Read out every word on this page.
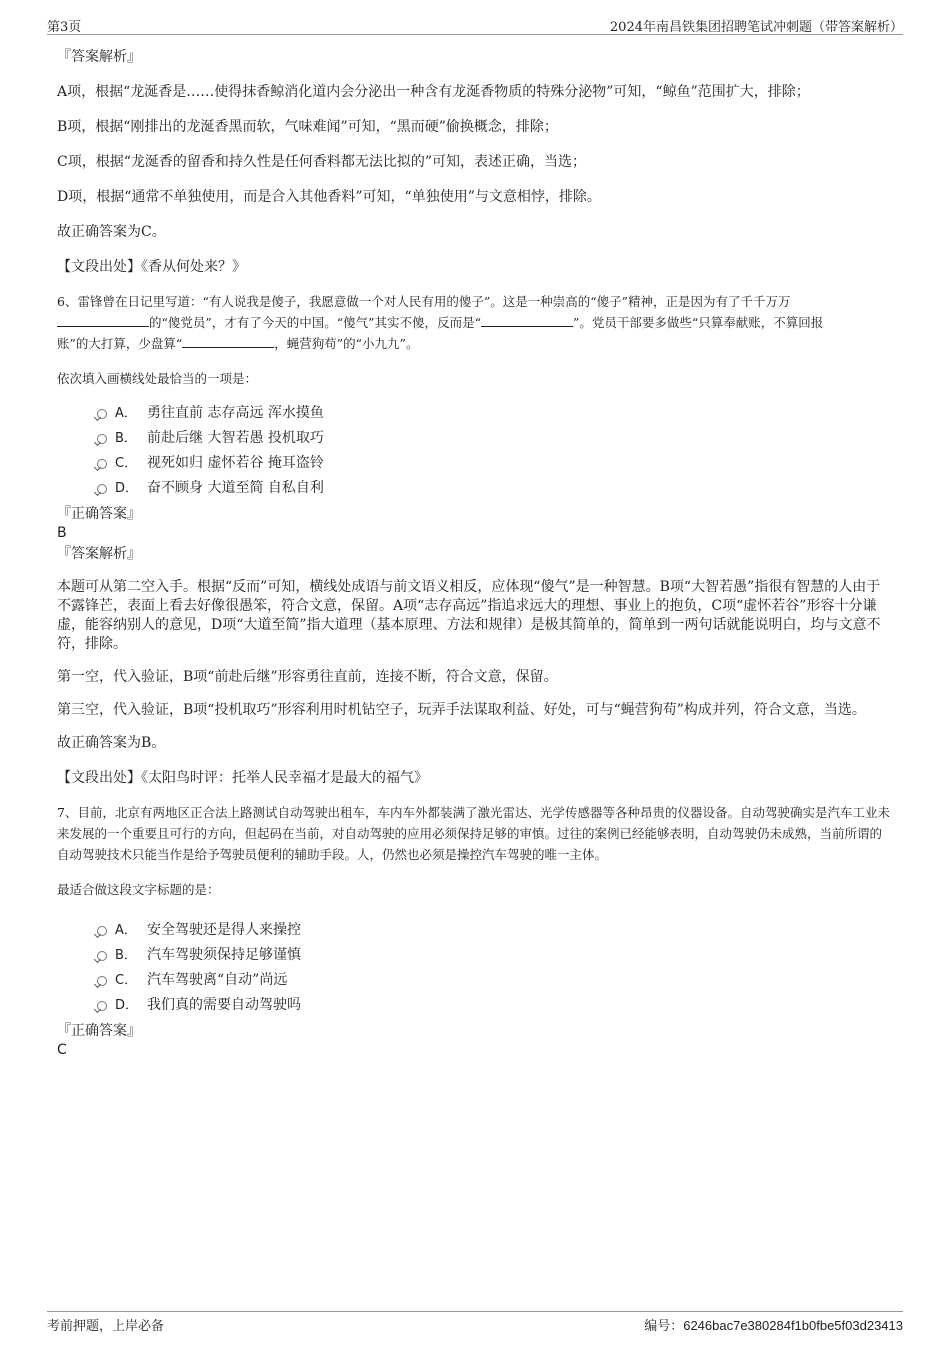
第3页	2024年南昌铁集团招聘笔试冲刺题（带答案解析）

『答案解析』

A项，根据“龙涎香是……使得抹香鲸消化道内会分泌出一种含有龙涎香物质的特殊分泌物”可知，“鲸鱼”范围扩大，排除；

B项，根据“刚排出的龙涎香黑而软，气味难闻”可知，“黑而硬”偷换概念，排除；

C项，根据“龙涎香的留香和持久性是任何香料都无法比拟的”可知，表述正确，当选；

D项，根据“通常不单独使用，而是合入其他香料”可知，“单独使用”与文意相悖，排除。

故正确答案为C。

【文段出处】《香从何处来？》

6、雷锋曾在日记里写道：“有人说我是傻子，我愿意做一个对人民有用的傻子”。这是一种崇高的“傻子”精神，正是因为有了千千万万
的“傻党员”，才有了今天的中国。“傻气”其实不傻，反而是“	”。党员干部要多做些“只算奉献账，不算回报
账”的大打算，少盘算“	，蝇营狗苟”的“小九九”。

依次填入画横线处最恰当的一项是：

A． 勇往直前 志存高远 浑水摸鱼
B． 前赴后继 大智若愚 投机取巧
C． 视死如归 虚怀若谷 掩耳盗铃
D． 奋不顾身 大道至简 自私自利

『正确答案』

B

『答案解析』

本题可从第二空入手。根据“反而”可知，横线处成语与前文语义相反，应体现“傻气”是一种智慧。B项“大智若愚”指很有智慧的人由于不露锋芒，表面上看去好像很愚笨，符合文意，保留。A项“志存高远”指追求远大的理想、事业上的抱负，C项“虚怀若谷”形容十分谦虚，能容纳别人的意见，D项“大道至简”指大道理（基本原理、方法和规律）是极其简单的，简单到一两句话就能说明白，均与文意不符，排除。

第一空，代入验证，B项“前赴后继”形容勇往直前，连接不断，符合文意，保留。

第三空，代入验证，B项“投机取巧”形容利用时机钻空子，玩弄手法谋取利益、好处，可与“蝇营狗苟”构成并列，符合文意，当选。

故正确答案为B。

【文段出处】《太阳鸟时评：托举人民幸福才是最大的福气》

7、目前，北京有两地区正合法上路测试自动驾驶出租车，车内车外都装满了激光雷达、光学传感器等各种昂贵的仪器设备。自动驾驶确实是汽车工业未来发展的一个重要且可行的方向，但起码在当前，对自动驾驶的应用必须保持足够的审慎。过往的案例已经能够表明，自动驾驶仍未成熟，当前所谓的自动驾驶技术只能当作是给予驾驶员便利的辅助手段。人，仍然也必须是操控汽车驾驶的唯一主体。

最适合做这段文字标题的是：

A． 安全驾驶还是得人来操控
B． 汽车驾驶须保持足够谨慎
C． 汽车驾驶离“自动”尚远
D． 我们真的需要自动驾驶吗

『正确答案』

C

考前押题，上岸必备	编号：6246bac7e380284f1b0fbe5f03d23413
